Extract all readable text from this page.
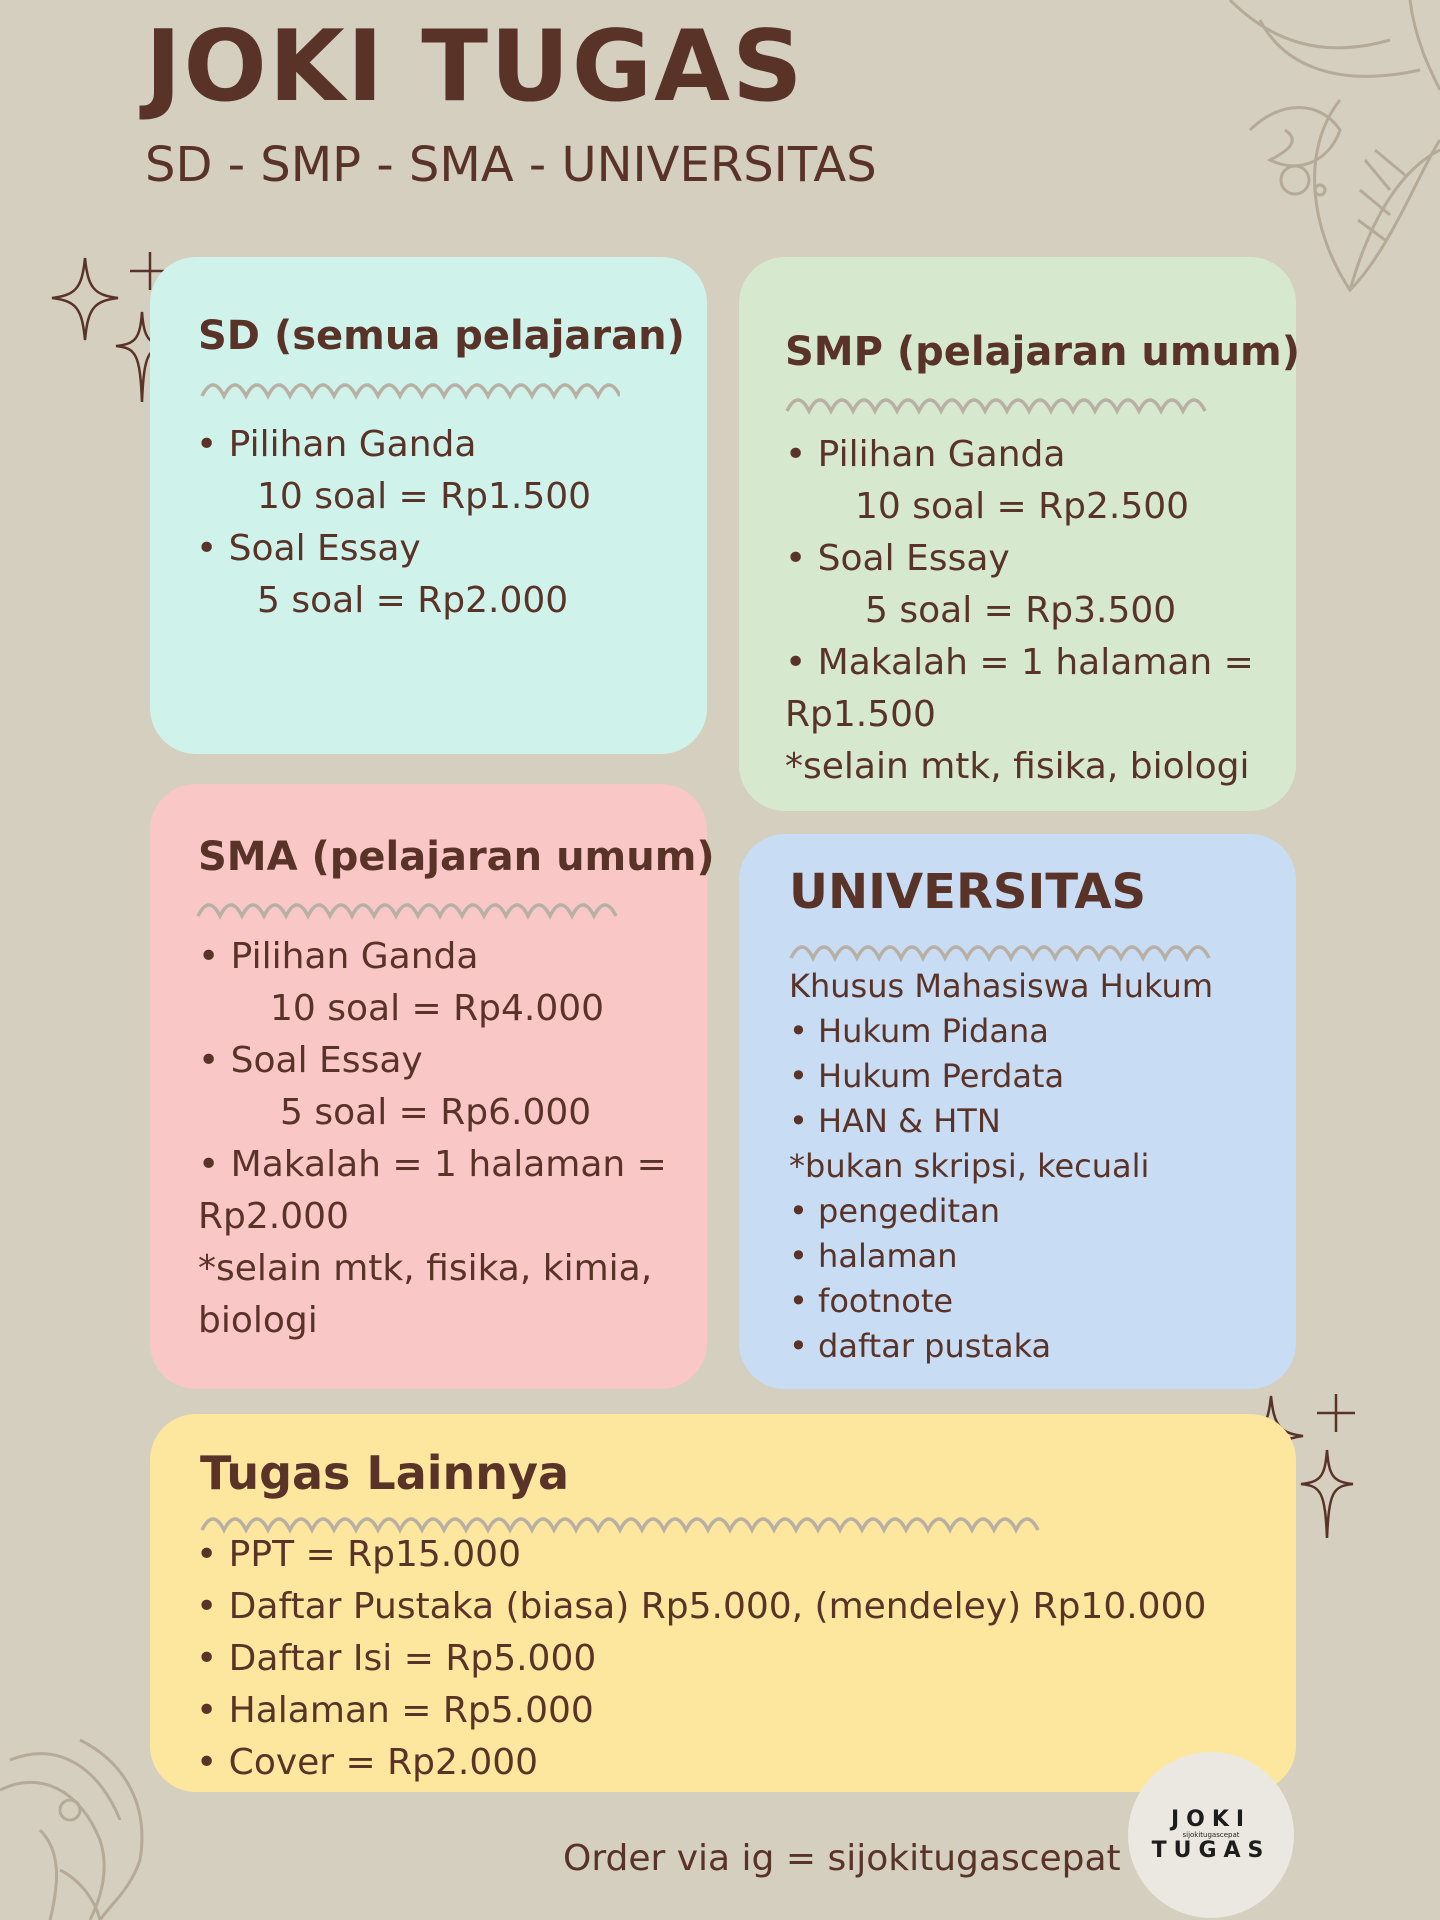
JOKI TUGAS
SD - SMP - SMA - UNIVERSITAS
SD (semua pelajaran)
• Pilihan Ganda
10 soal = Rp1.500
• Soal Essay
5 soal = Rp2.000
SMP (pelajaran umum)
• Pilihan Ganda
10 soal = Rp2.500
• Soal Essay
5 soal = Rp3.500
• Makalah = 1 halaman =
Rp1.500
*selain mtk, fisika, biologi
SMA (pelajaran umum)
• Pilihan Ganda
10 soal = Rp4.000
• Soal Essay
5 soal = Rp6.000
• Makalah = 1 halaman =
Rp2.000
*selain mtk, fisika, kimia,
biologi
UNIVERSITAS
Khusus Mahasiswa Hukum
• Hukum Pidana
• Hukum Perdata
• HAN & HTN
*bukan skripsi, kecuali
• pengeditan
• halaman
• footnote
• daftar pustaka
Tugas Lainnya
• PPT = Rp15.000
• Daftar Pustaka (biasa) Rp5.000, (mendeley) Rp10.000
• Daftar Isi = Rp5.000
• Halaman = Rp5.000
• Cover = Rp2.000
Order via ig = sijokitugascepat
JOKI
sijokitugascepat
TUGAS
